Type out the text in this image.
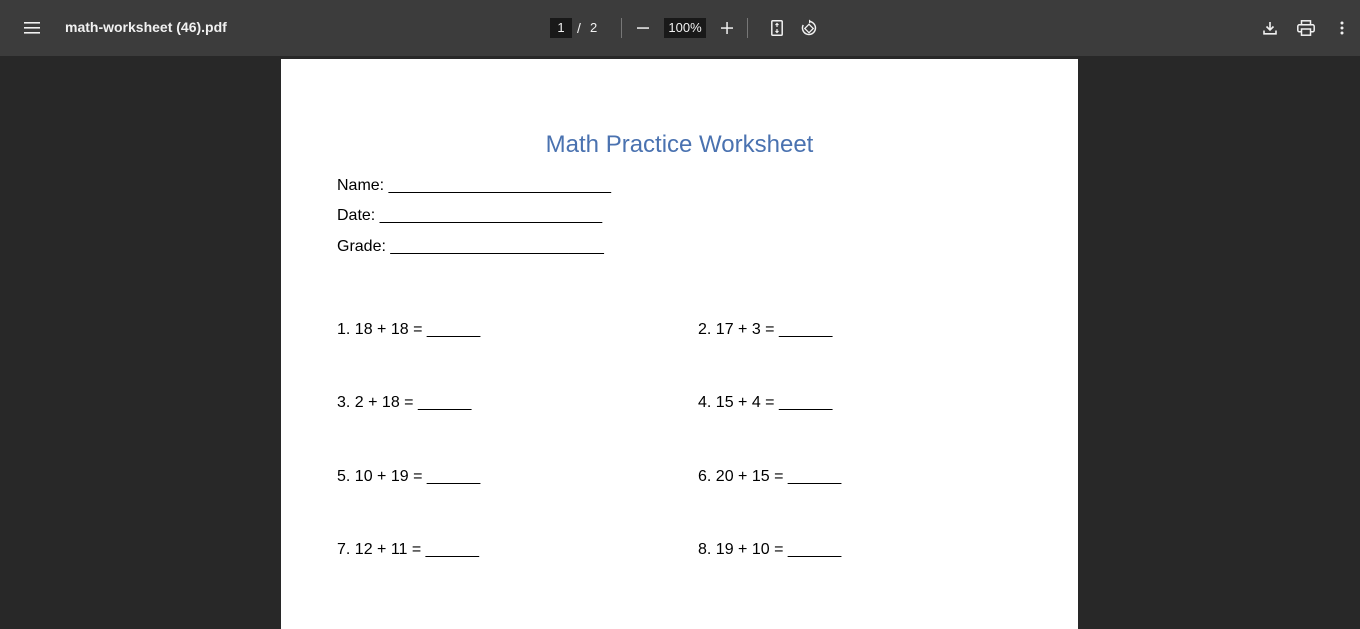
math-worksheet (46).pdf	1 / 2	100%
Math Practice Worksheet
Name: _________________________
Date: _________________________
Grade: ________________________
1. 18 + 18 = ______	2. 17 + 3 = ______
3. 2 + 18 = ______	4. 15 + 4 = ______
5. 10 + 19 = ______	6. 20 + 15 = ______
7. 12 + 11 = ______	8. 19 + 10 = ______
